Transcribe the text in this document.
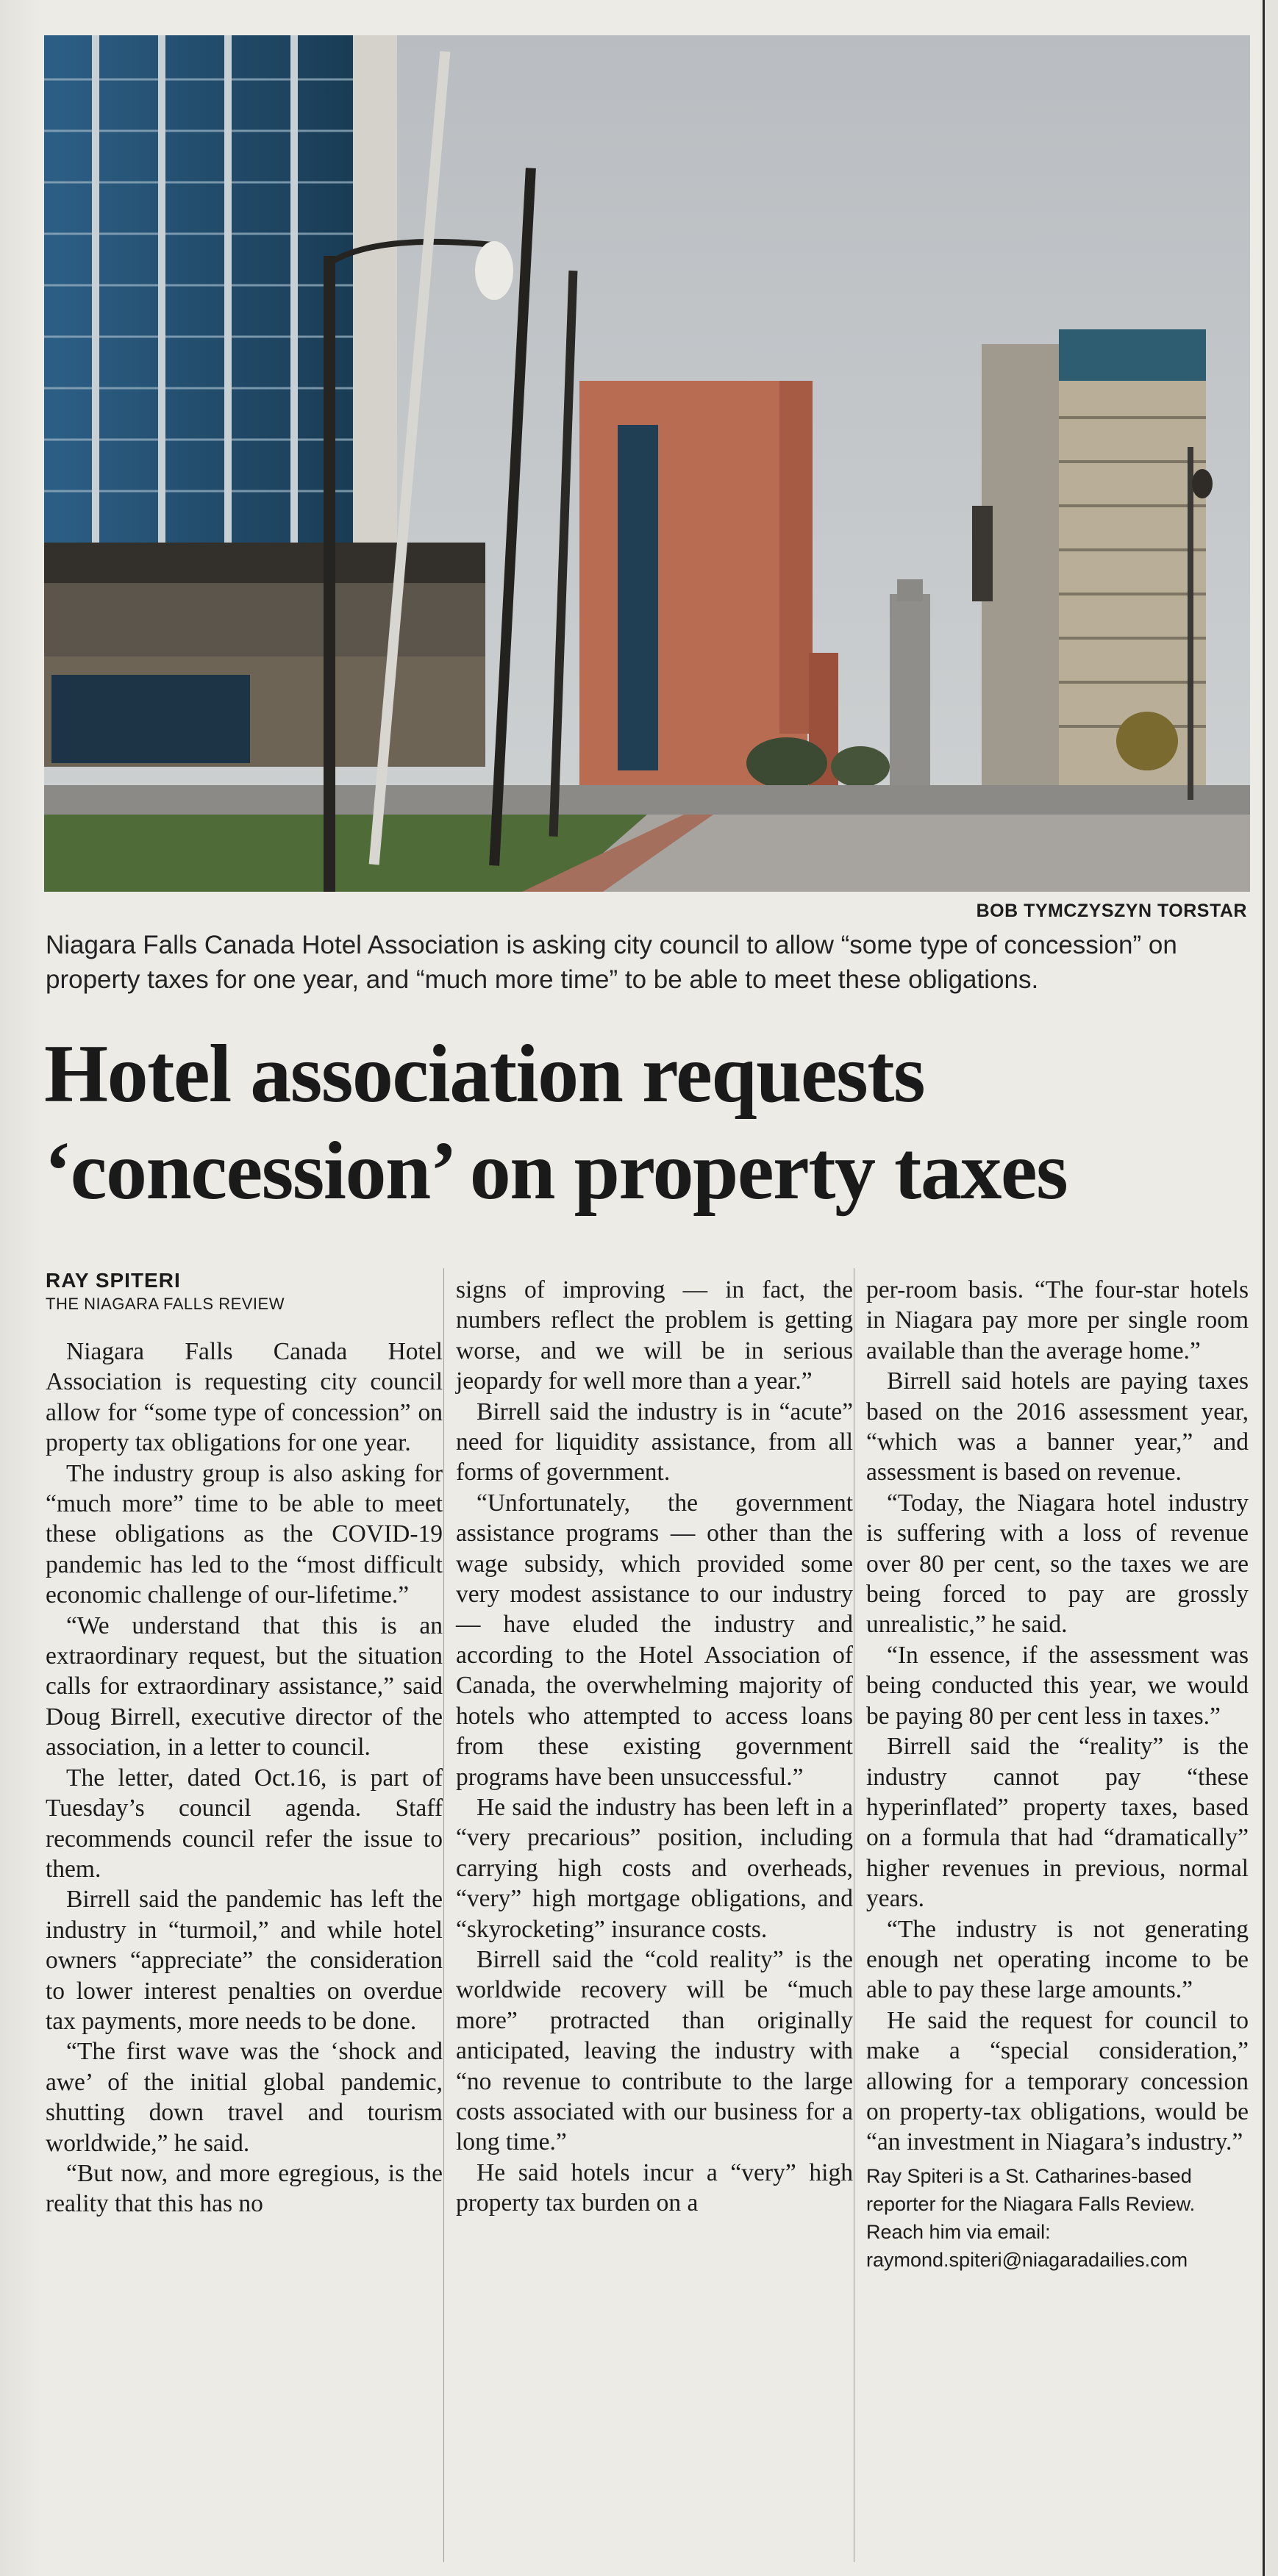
BOB TYMCZYSZYN TORSTAR
Niagara Falls Canada Hotel Association is asking city council to allow “some type of concession” on property taxes for one year, and “much more time” to be able to meet these obligations.
Hotel association requests
‘concession’ on property taxes
RAY SPITERI
THE NIAGARA FALLS REVIEW

Niagara Falls Canada Hotel Association is requesting city council allow for “some type of concession” on property tax obligations for one year.

The industry group is also asking for “much more” time to be able to meet these obligations as the COVID-19 pandemic has led to the “most difficult economic challenge of our-lifetime.”

“We understand that this is an extraordinary request, but the situation calls for extraordinary assistance,” said Doug Birrell, executive director of the association, in a letter to council.

The letter, dated Oct.16, is part of Tuesday’s council agenda. Staff recommends council refer the issue to them.

Birrell said the pandemic has left the industry in “turmoil,” and while hotel owners “appreciate” the consideration to lower interest penalties on overdue tax payments, more needs to be done.

“The first wave was the ‘shock and awe’ of the initial global pandemic, shutting down travel and tourism worldwide,” he said.

“But now, and more egregious, is the reality that this has no

signs of improving — in fact, the numbers reflect the problem is getting worse, and we will be in serious jeopardy for well more than a year.”

Birrell said the industry is in “acute” need for liquidity assistance, from all forms of government.

“Unfortunately, the government assistance programs — other than the wage subsidy, which provided some very modest assistance to our industry — have eluded the industry and according to the Hotel Association of Canada, the overwhelming majority of hotels who attempted to access loans from these existing government programs have been unsuccessful.”

He said the industry has been left in a “very precarious” position, including carrying high costs and overheads, “very” high mortgage obligations, and “skyrocketing” insurance costs.

Birrell said the “cold reality” is the worldwide recovery will be “much more” protracted than originally anticipated, leaving the industry with “no revenue to contribute to the large costs associated with our business for a long time.”

He said hotels incur a “very” high property tax burden on a

per-room basis. “The four-star hotels in Niagara pay more per single room available than the average home.”

Birrell said hotels are paying taxes based on the 2016 assessment year, “which was a banner year,” and assessment is based on revenue.

“Today, the Niagara hotel industry is suffering with a loss of revenue over 80 per cent, so the taxes we are being forced to pay are grossly unrealistic,” he said.

“In essence, if the assessment was being conducted this year, we would be paying 80 per cent less in taxes.”

Birrell said the “reality” is the industry cannot pay “these hyperinflated” property taxes, based on a formula that had “dramatically” higher revenues in previous, normal years.

“The industry is not generating enough net operating income to be able to pay these large amounts.”

He said the request for council to make a “special consideration,” allowing for a temporary concession on property-tax obligations, would be “an investment in Niagara’s industry.”

Ray Spiteri is a St. Catharines-based reporter for the Niagara Falls Review. Reach him via email: raymond.spiteri@niagaradailies.com
